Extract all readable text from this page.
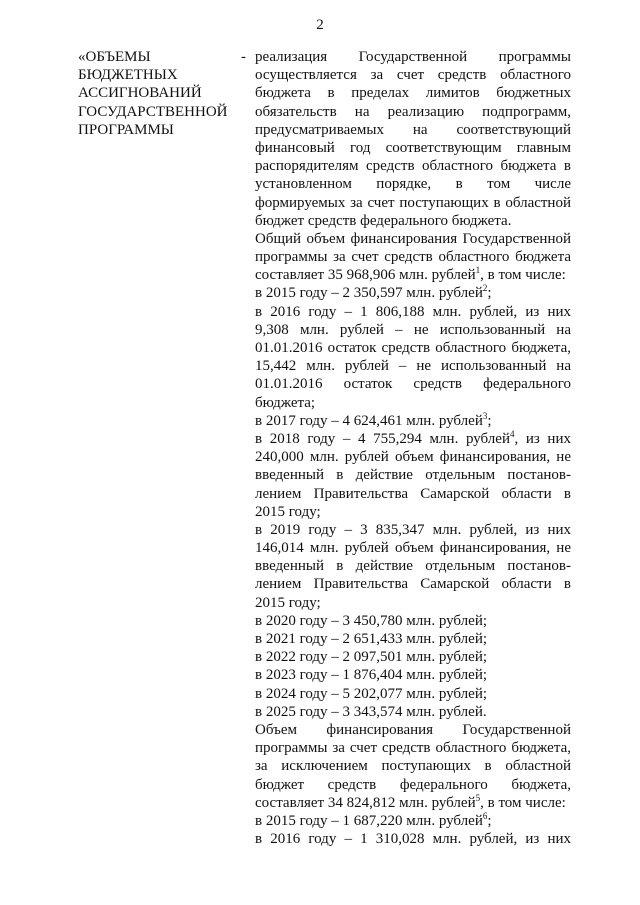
2
«ОБЪЕМЫ
БЮДЖЕТНЫХ
АССИГНОВАНИЙ
ГОСУДАРСТВЕННОЙ
ПРОГРАММЫ
- реализация Государственной программы
осуществляется за счет средств областного
бюджета в пределах лимитов бюджетных
обязательств на реализацию подпрограмм,
предусматриваемых на соответствующий
финансовый год соответствующим главным
распорядителям средств областного бюджета в
установленном порядке, в том числе
формируемых за счет поступающих в областной
бюджет средств федерального бюджета.
Общий объем финансирования Государственной
программы за счет средств областного бюджета
составляет 35 968,906 млн. рублей$^1$, в том числе:
в 2015 году – 2 350,597 млн. рублей$^2$;
в 2016 году – 1 806,188 млн. рублей, из них
9,308 млн. рублей – не использованный на
01.01.2016 остаток средств областного бюджета,
15,442 млн. рублей – не использованный на
01.01.2016 остаток средств федерального
бюджета;
в 2017 году – 4 624,461 млн. рублей$^3$;
в 2018 году – 4 755,294 млн. рублей$^4$, из них
240,000 млн. рублей объем финансирования, не
введенный в действие отдельным постанов-
лением Правительства Самарской области в
2015 году;
в 2019 году – 3 835,347 млн. рублей, из них
146,014 млн. рублей объем финансирования, не
введенный в действие отдельным постанов-
лением Правительства Самарской области в
2015 году;
в 2020 году – 3 450,780 млн. рублей;
в 2021 году – 2 651,433 млн. рублей;
в 2022 году – 2 097,501 млн. рублей;
в 2023 году – 1 876,404 млн. рублей;
в 2024 году – 5 202,077 млн. рублей;
в 2025 году – 3 343,574 млн. рублей.
Объем финансирования Государственной
программы за счет средств областного бюджета,
за исключением поступающих в областной
бюджет средств федерального бюджета,
составляет 34 824,812 млн. рублей$^5$, в том числе:
в 2015 году – 1 687,220 млн. рублей$^6$;
в 2016 году – 1 310,028 млн. рублей, из них
